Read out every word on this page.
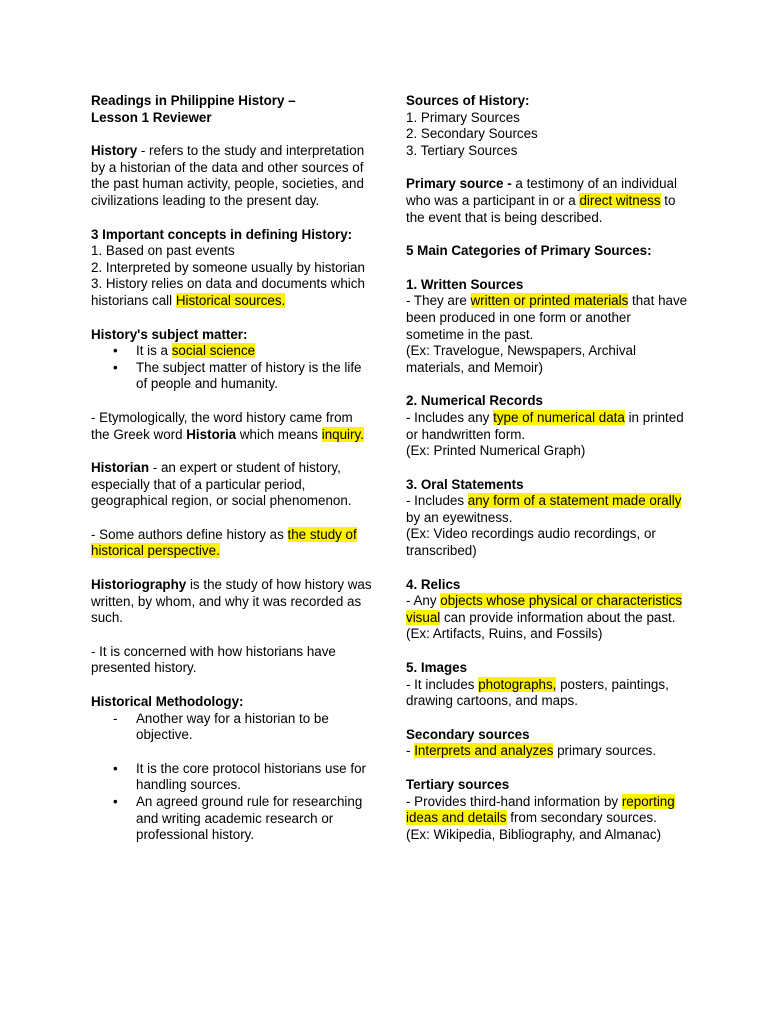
Readings in Philippine History –
Lesson 1 Reviewer

History - refers to the study and interpretation by a historian of the data and other sources of the past human activity, people, societies, and civilizations leading to the present day.

3 Important concepts in defining History:

1. Based on past events

2. Interpreted by someone usually by historian

3. History relies on data and documents which historians call Historical sources.

History's subject matter:

• It is a social science
• The subject matter of history is the life of people and humanity.

- Etymologically, the word history came from the Greek word Historia which means inquiry.

Historian - an expert or student of history, especially that of a particular period, geographical region, or social phenomenon.

- Some authors define history as the study of historical perspective.

Historiography is the study of how history was written, by whom, and why it was recorded as such.

- It is concerned with how historians have presented history.

Historical Methodology:

- Another way for a historian to be objective.
• It is the core protocol historians use for handling sources.
• An agreed ground rule for researching and writing academic research or professional history.

Sources of History:

1. Primary Sources

2. Secondary Sources

3. Tertiary Sources

Primary source - a testimony of an individual who was a participant in or a direct witness to the event that is being described.

5 Main Categories of Primary Sources:

1. Written Sources

- They are written or printed materials that have been produced in one form or another sometime in the past.

(Ex: Travelogue, Newspapers, Archival materials, and Memoir)

2. Numerical Records

- Includes any type of numerical data in printed or handwritten form.

(Ex: Printed Numerical Graph)

3. Oral Statements

- Includes any form of a statement made orally by an eyewitness.

(Ex: Video recordings audio recordings, or transcribed)

4. Relics

- Any objects whose physical or characteristics visual can provide information about the past.

(Ex: Artifacts, Ruins, and Fossils)

5. Images

- It includes photographs, posters, paintings, drawing cartoons, and maps.

Secondary sources

- Interprets and analyzes primary sources.

Tertiary sources

- Provides third-hand information by reporting ideas and details from secondary sources.

(Ex: Wikipedia, Bibliography, and Almanac)
